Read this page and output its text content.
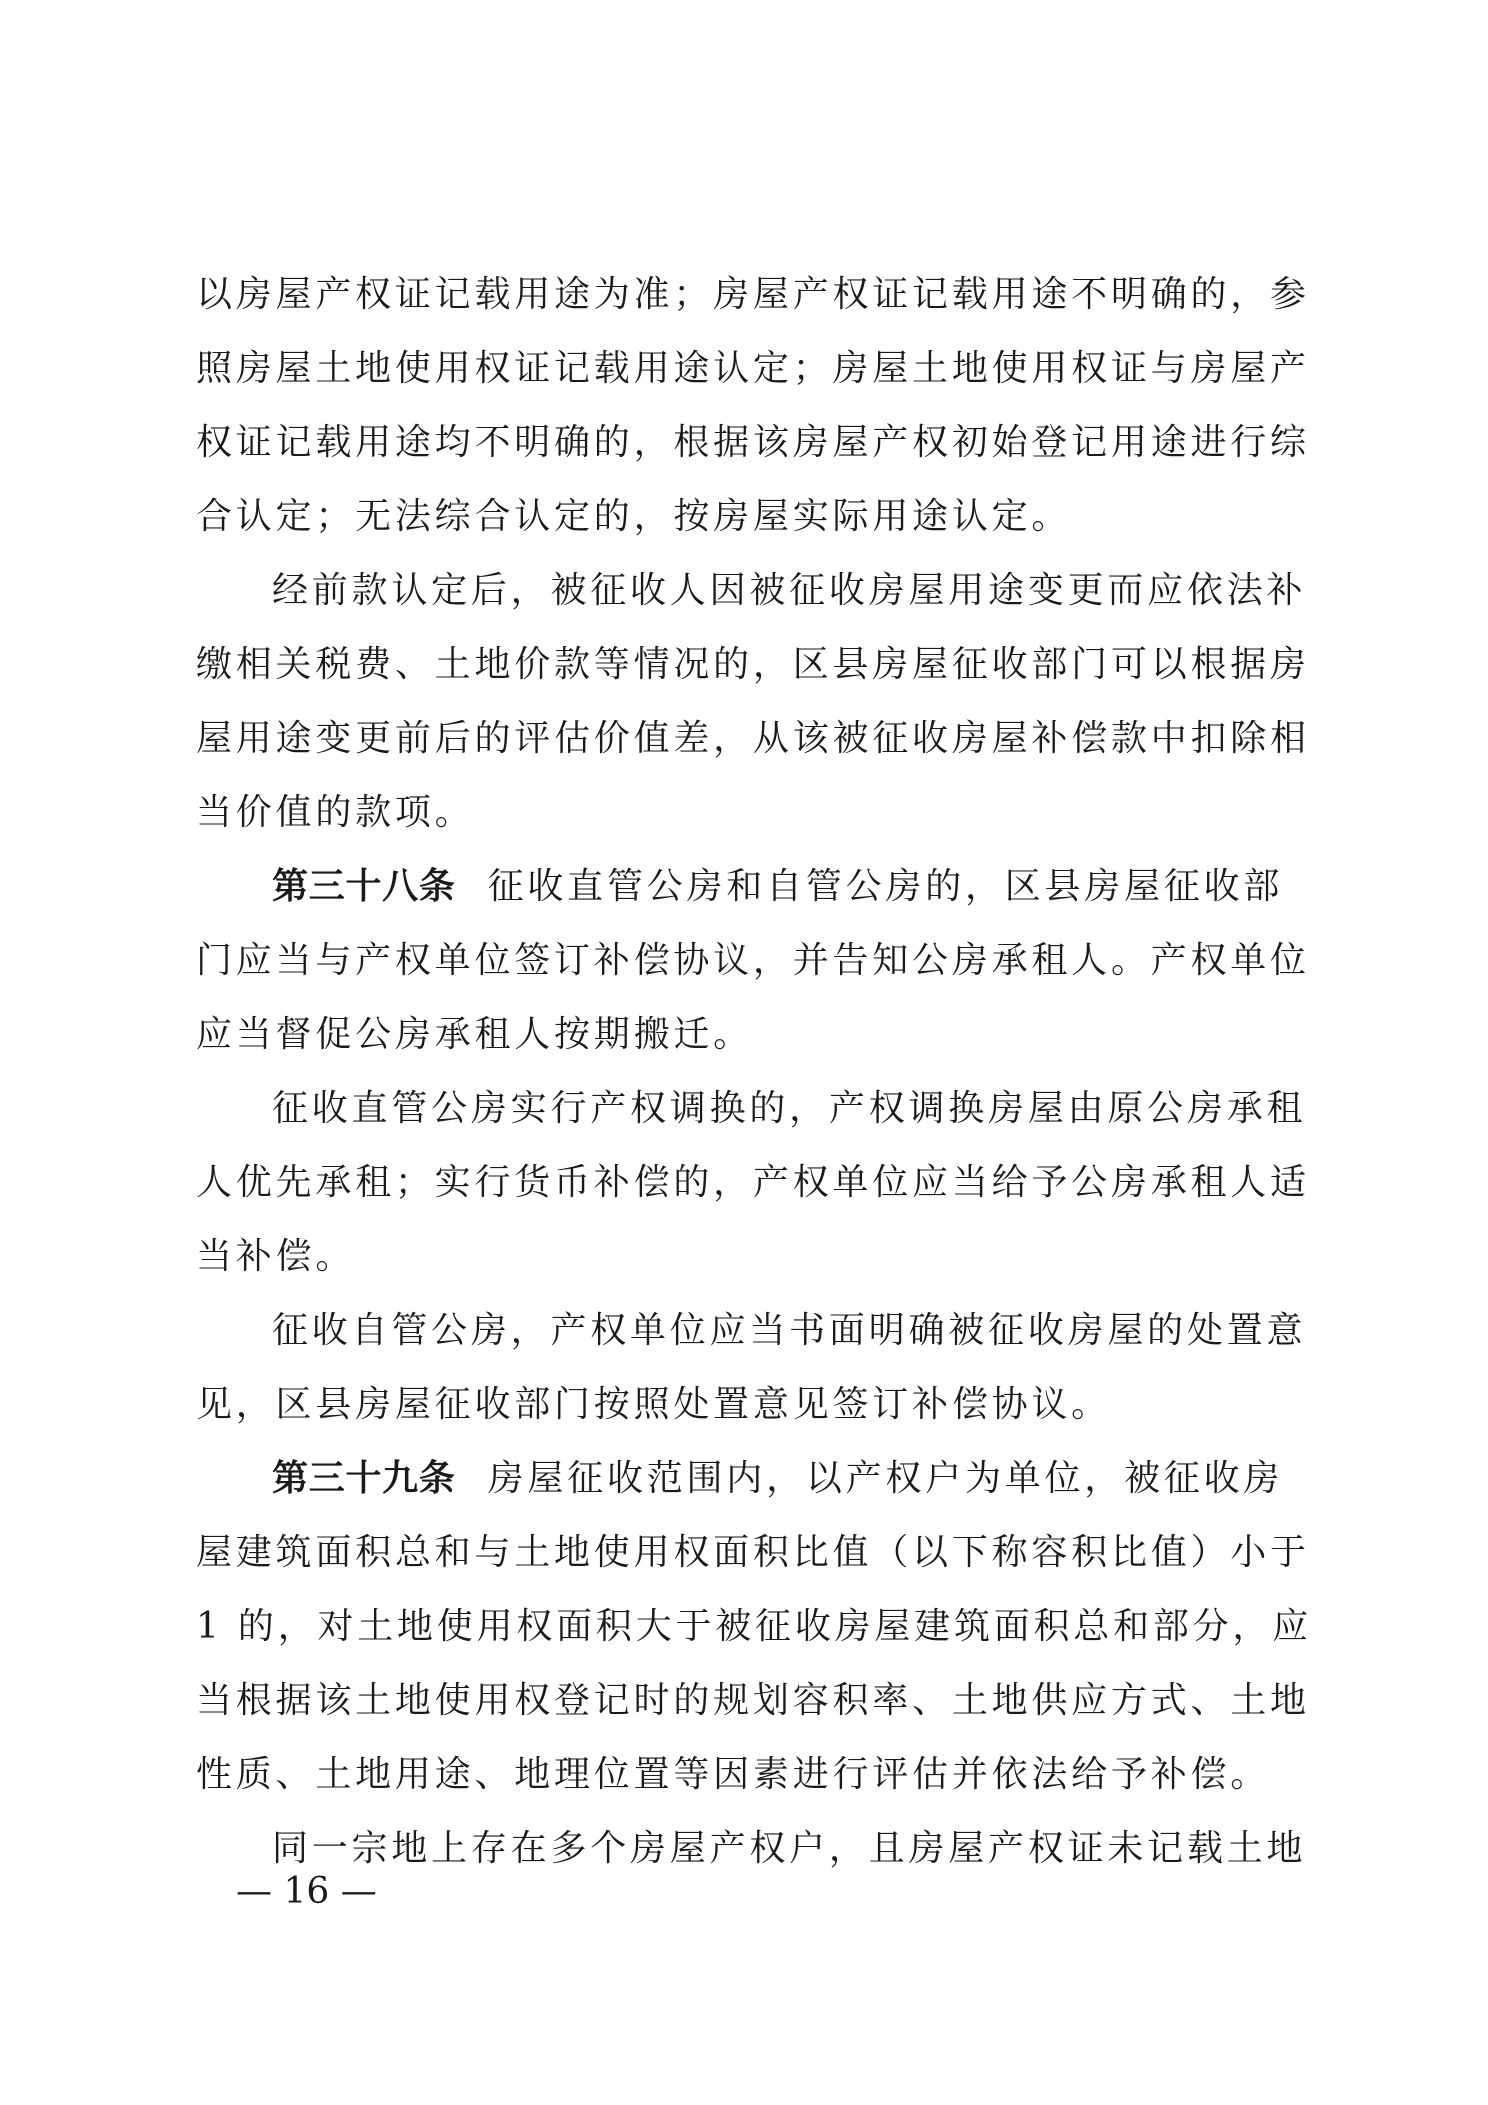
以房屋产权证记载用途为准；房屋产权证记载用途不明确的，参
照房屋土地使用权证记载用途认定；房屋土地使用权证与房屋产
权证记载用途均不明确的，根据该房屋产权初始登记用途进行综
合认定；无法综合认定的，按房屋实际用途认定。

经前款认定后，被征收人因被征收房屋用途变更而应依法补
缴相关税费、土地价款等情况的，区县房屋征收部门可以根据房
屋用途变更前后的评估价值差，从该被征收房屋补偿款中扣除相
当价值的款项。

第三十八条 征收直管公房和自管公房的，区县房屋征收部
门应当与产权单位签订补偿协议，并告知公房承租人。产权单位
应当督促公房承租人按期搬迁。

征收直管公房实行产权调换的，产权调换房屋由原公房承租
人优先承租；实行货币补偿的，产权单位应当给予公房承租人适
当补偿。

征收自管公房，产权单位应当书面明确被征收房屋的处置意
见，区县房屋征收部门按照处置意见签订补偿协议。

第三十九条 房屋征收范围内，以产权户为单位，被征收房
屋建筑面积总和与土地使用权面积比值（以下称容积比值）小于
1 的，对土地使用权面积大于被征收房屋建筑面积总和部分，应
当根据该土地使用权登记时的规划容积率、土地供应方式、土地
性质、土地用途、地理位置等因素进行评估并依法给予补偿。

同一宗地上存在多个房屋产权户，且房屋产权证未记载土地

— 16 —
